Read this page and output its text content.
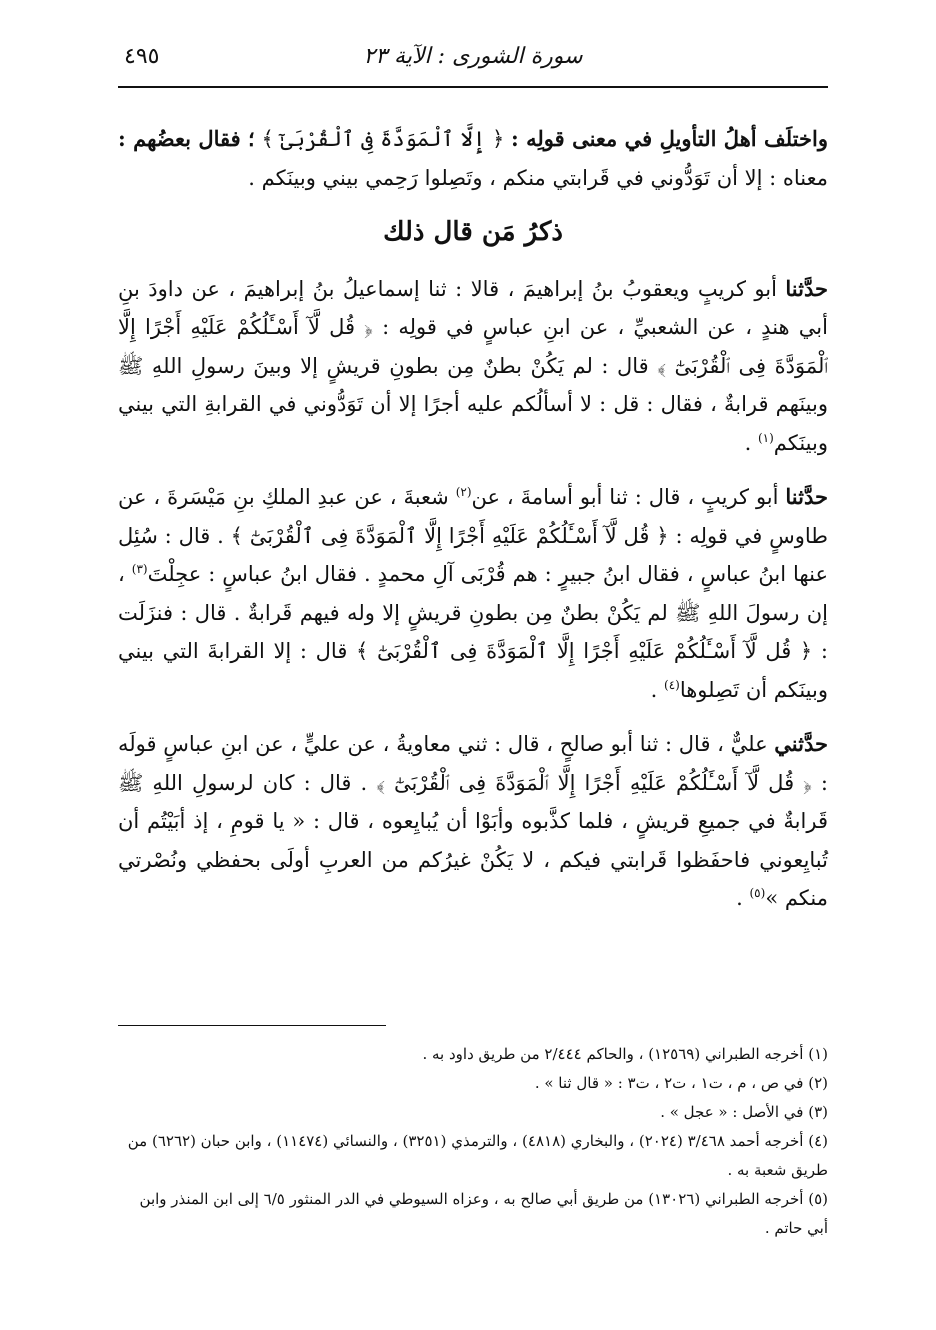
سورة الشورى : الآية ٢٣
٤٩٥

واختلَف أهلُ التأويلِ في معنى قولِه : ﴿ إِلَّا ٱلْمَوَدَّةَ فِى ٱلْقُرْبَىٰٓ ﴾ ؛ فقال بعضُهم : معناه : إلا أن تَوَدُّوني في قَرابتي منكم ، وتَصِلوا رَحِمي بيني وبينَكم .

ذكرُ مَن قال ذلك

حدَّثنا أبو كريبٍ ويعقوبُ بنُ إبراهيمَ ، قالا : ثنا إسماعيلُ بنُ إبراهيمَ ، عن داودَ بنِ أبي هندٍ ، عن الشعبيِّ ، عن ابنِ عباسٍ في قولِه : ﴿ قُل لَّآ أَسْـَٔلُكُمْ عَلَيْهِ أَجْرًا إِلَّا ٱلْمَوَدَّةَ فِى ٱلْقُرْبَىٰٓ ﴾ قال : لم يَكُنْ بطنٌ مِن بطونِ قريشٍ إلا وبينَ رسولِ اللهِ ﷺ وبينَهم قرابةٌ ، فقال : قل : لا أسألُكم عليه أجرًا إلا أن تَوَدُّوني في القرابةِ التي بيني وبينَكم$^{(١)}$ .

حدَّثنا أبو كريبٍ ، قال : ثنا أبو أسامةَ ، عن$^{(٢)}$ شعبةَ ، عن عبدِ الملكِ بنِ مَيْسَرةَ ، عن طاوسٍ في قولِه : ﴿ قُل لَّآ أَسْـَٔلُكُمْ عَلَيْهِ أَجْرًا إِلَّا ٱلْمَوَدَّةَ فِى ٱلْقُرْبَىٰٓ ﴾ . قال : سُئِل عنها ابنُ عباسٍ ، فقال ابنُ جبيرٍ : هم قُرْبَى آلِ محمدٍ . فقال ابنُ عباسٍ : عجِلْتَ$^{(٣)}$ ، إن رسولَ اللهِ ﷺ لم يَكُنْ بطنٌ مِن بطونِ قريشٍ إلا وله فيهم قَرابةٌ . قال : فنزَلَت : ﴿ قُل لَّآ أَسْـَٔلُكُمْ عَلَيْهِ أَجْرًا إِلَّا ٱلْمَوَدَّةَ فِى ٱلْقُرْبَىٰٓ ﴾ قال : إلا القرابةَ التي بيني وبينَكم أن تَصِلوها$^{(٤)}$ .

حدَّثني عليٌّ ، قال : ثنا أبو صالحٍ ، قال : ثني معاويةُ ، عن عليٍّ ، عن ابنِ عباسٍ قولَه : ﴿ قُل لَّآ أَسْـَٔلُكُمْ عَلَيْهِ أَجْرًا إِلَّا ٱلْمَوَدَّةَ فِى ٱلْقُرْبَىٰٓ ﴾ . قال : كان لرسولِ اللهِ ﷺ قَرابةٌ في جميعِ قريشٍ ، فلما كذَّبوه وأبَوْا أن يُبايِعوه ، قال : « يا قومِ ، إذ أبَيْتُم أن تُبايِعوني فاحفَظوا قَرابتي فيكم ، لا يَكُنْ غيرُكم من العربِ أولَى بحفظي ونُصْرتي منكم »$^{(٥)}$ .

(١) أخرجه الطبراني (١٢٥٦٩) ، والحاكم ٢/٤٤٤ من طريق داود به .

(٢) في ص ، م ، ت١ ، ت٢ ، ت٣ : « قال ثنا » .

(٣) في الأصل : « عجل » .

(٤) أخرجه أحمد ٣/٤٦٨ (٢٠٢٤) ، والبخاري (٤٨١٨) ، والترمذي (٣٢٥١) ، والنسائي (١١٤٧٤) ، وابن حبان (٦٢٦٢) من طريق شعبة به .

(٥) أخرجه الطبراني (١٣٠٢٦) من طريق أبي صالح به ، وعزاه السيوطي في الدر المنثور ٦/٥ إلى ابن المنذر وابن أبي حاتم .
